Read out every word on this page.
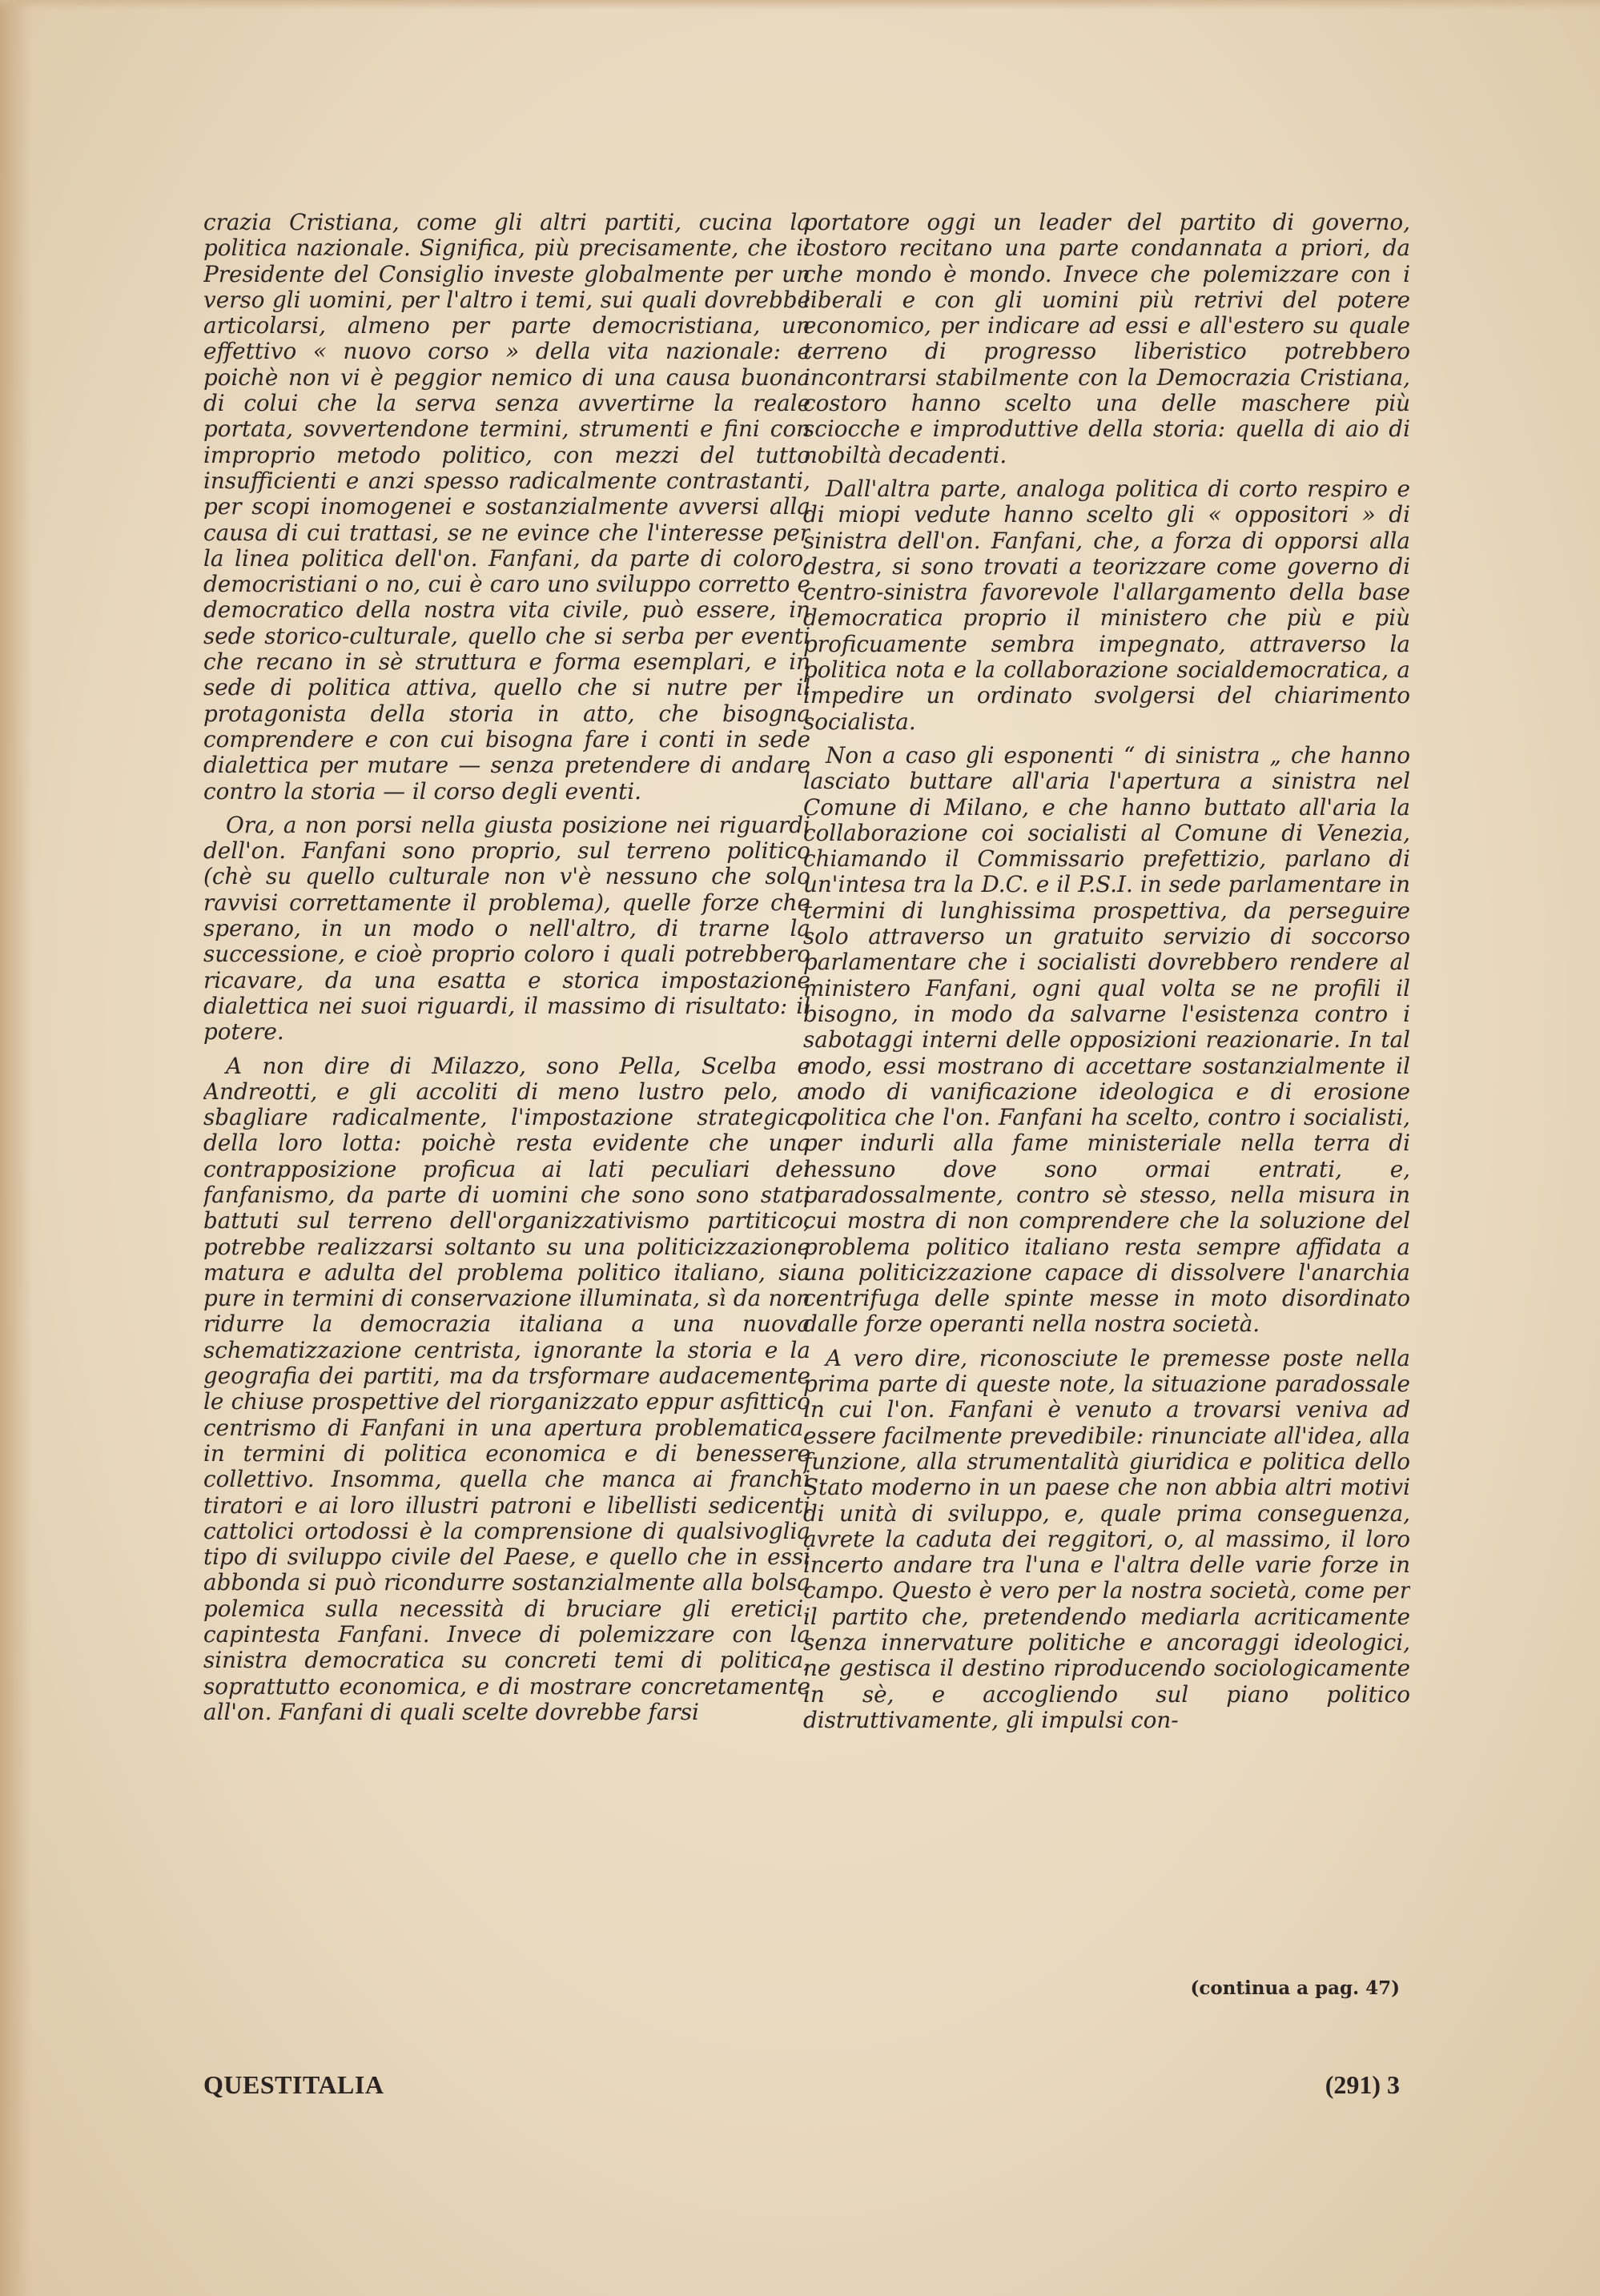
crazia Cristiana, come gli altri partiti, cucina la politica nazionale. Significa, più precisamente, che il Presidente del Consiglio investe globalmente per un verso gli uomini, per l'altro i temi, sui quali dovrebbe articolarsi, almeno per parte democristiana, un effettivo « nuovo corso » della vita nazionale: e poichè non vi è peggior nemico di una causa buona di colui che la serva senza avvertirne la reale portata, sovvertendone termini, strumenti e fini con improprio metodo politico, con mezzi del tutto insufficienti e anzi spesso radicalmente contrastanti, per scopi inomogenei e sostanzialmente avversi alla causa di cui trattasi, se ne evince che l'interesse per la linea politica dell'on. Fanfani, da parte di coloro, democristiani o no, cui è caro uno sviluppo corretto e democratico della nostra vita civile, può essere, in sede storico-culturale, quello che si serba per eventi che recano in sè struttura e forma esemplari, e in sede di politica attiva, quello che si nutre per il protagonista della storia in atto, che bisogna comprendere e con cui bisogna fare i conti in sede dialettica per mutare — senza pretendere di andare contro la storia — il corso degli eventi.

Ora, a non porsi nella giusta posizione nei riguardi dell'on. Fanfani sono proprio, sul terreno politico (chè su quello culturale non v'è nessuno che solo ravvisi correttamente il problema), quelle forze che sperano, in un modo o nell'altro, di trarne la successione, e cioè proprio coloro i quali potrebbero ricavare, da una esatta e storica impostazione dialettica nei suoi riguardi, il massimo di risultato: il potere.

A non dire di Milazzo, sono Pella, Scelba e Andreotti, e gli accoliti di meno lustro pelo, a sbagliare radicalmente, l'impostazione strategica della loro lotta: poichè resta evidente che una contrapposizione proficua ai lati peculiari del fanfanismo, da parte di uomini che sono sono stati battuti sul terreno dell'organizzativismo partitico, potrebbe realizzarsi soltanto su una politicizzazione matura e adulta del problema politico italiano, sia pure in termini di conservazione illuminata, sì da non ridurre la democrazia italiana a una nuova schematizzazione centrista, ignorante la storia e la geografia dei partiti, ma da trsformare audacemente le chiuse prospettive del riorganizzato eppur asfittico centrismo di Fanfani in una apertura problematica, in termini di politica economica e di benessere collettivo. Insomma, quella che manca ai franchi tiratori e ai loro illustri patroni e libellisti sedicenti cattolici ortodossi è la comprensione di qualsivoglia tipo di sviluppo civile del Paese, e quello che in essi abbonda si può ricondurre sostanzialmente alla bolsa polemica sulla necessità di bruciare gli eretici. capintesta Fanfani. Invece di polemizzare con la sinistra democratica su concreti temi di politica, soprattutto economica, e di mostrare concretamente all'on. Fanfani di quali scelte dovrebbe farsi

portatore oggi un leader del partito di governo, costoro recitano una parte condannata a priori, da che mondo è mondo. Invece che polemizzare con i liberali e con gli uomini più retrivi del potere economico, per indicare ad essi e all'estero su quale terreno di progresso liberistico potrebbero incontrarsi stabilmente con la Democrazia Cristiana, costoro hanno scelto una delle maschere più sciocche e improduttive della storia: quella di aio di nobiltà decadenti.

Dall'altra parte, analoga politica di corto respiro e di miopi vedute hanno scelto gli « oppositori » di sinistra dell'on. Fanfani, che, a forza di opporsi alla destra, si sono trovati a teorizzare come governo di centro-sinistra favorevole l'allargamento della base democratica proprio il ministero che più e più proficuamente sembra impegnato, attraverso la politica nota e la collaborazione socialdemocratica, a impedire un ordinato svolgersi del chiarimento socialista.

Non a caso gli esponenti “ di sinistra „ che hanno lasciato buttare all'aria l'apertura a sinistra nel Comune di Milano, e che hanno buttato all'aria la collaborazione coi socialisti al Comune di Venezia, chiamando il Commissario prefettizio, parlano di un'intesa tra la D.C. e il P.S.I. in sede parlamentare in termini di lunghissima prospettiva, da perseguire solo attraverso un gratuito servizio di soccorso parlamentare che i socialisti dovrebbero rendere al ministero Fanfani, ogni qual volta se ne profili il bisogno, in modo da salvarne l'esistenza contro i sabotaggi interni delle opposizioni reazionarie. In tal modo, essi mostrano di accettare sostanzialmente il modo di vanificazione ideologica e di erosione politica che l'on. Fanfani ha scelto, contro i socialisti, per indurli alla fame ministeriale nella terra di nessuno dove sono ormai entrati, e, paradossalmente, contro sè stesso, nella misura in cui mostra di non comprendere che la soluzione del problema politico italiano resta sempre affidata a una politicizzazione capace di dissolvere l'anarchia centrifuga delle spinte messe in moto disordinato dalle forze operanti nella nostra società.

A vero dire, riconosciute le premesse poste nella prima parte di queste note, la situazione paradossale in cui l'on. Fanfani è venuto a trovarsi veniva ad essere facilmente prevedibile: rinunciate all'idea, alla funzione, alla strumentalità giuridica e politica dello Stato moderno in un paese che non abbia altri motivi di unità di sviluppo, e, quale prima conseguenza, avrete la caduta dei reggitori, o, al massimo, il loro incerto andare tra l'una e l'altra delle varie forze in campo. Questo è vero per la nostra società, come per il partito che, pretendendo mediarla acriticamente senza innervature politiche e ancoraggi ideologici, ne gestisca il destino riproducendo sociologicamente in sè, e accogliendo sul piano politico distruttivamente, gli impulsi con-

(continua a pag. 47)
QUESTITALIA	(291) 3
